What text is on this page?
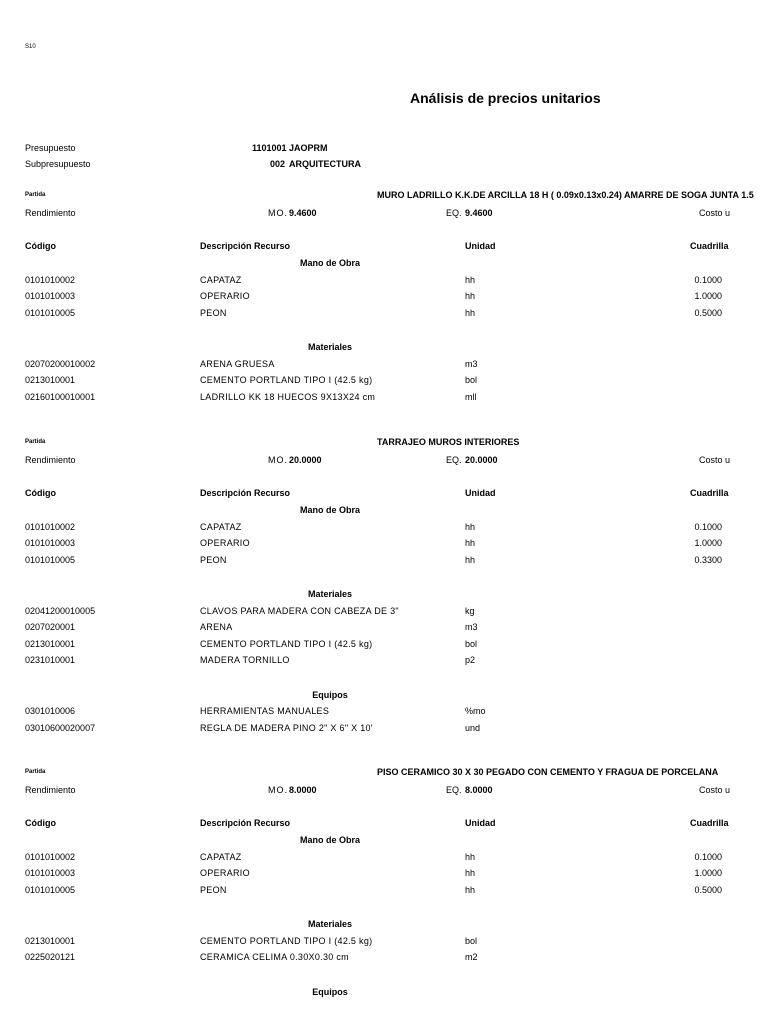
S10
Análisis de precios unitarios
Presupuesto	1101001 JAOPRM
Subpresupuesto	002 ARQUITECTURA
Partida	MURO LADRILLO K.K.DE ARCILLA 18 H ( 0.09x0.13x0.24) AMARRE DE SOGA JUNTA 1.5
Rendimiento	MO. 9.4600	EQ. 9.4600	Costo u
Código	Descripción Recurso	Unidad	Cuadrilla
Mano de Obra
0101010002	CAPATAZ	hh	0.1000
0101010003	OPERARIO	hh	1.0000
0101010005	PEON	hh	0.5000
Materiales
02070200010002	ARENA GRUESA	m3
0213010001	CEMENTO PORTLAND TIPO I (42.5 kg)	bol
02160100010001	LADRILLO KK 18 HUECOS 9X13X24 cm	mll
Partida	TARRAJEO MUROS INTERIORES
Rendimiento	MO. 20.0000	EQ. 20.0000	Costo u
Código	Descripción Recurso	Unidad	Cuadrilla
Mano de Obra
0101010002	CAPATAZ	hh	0.1000
0101010003	OPERARIO	hh	1.0000
0101010005	PEON	hh	0.3300
Materiales
02041200010005	CLAVOS PARA MADERA CON CABEZA DE 3"	kg
0207020001	ARENA	m3
0213010001	CEMENTO PORTLAND TIPO I (42.5 kg)	bol
0231010001	MADERA TORNILLO	p2
Equipos
0301010006	HERRAMIENTAS MANUALES	%mo
03010600020007	REGLA DE MADERA PINO 2" X 6" X 10'	und
Partida	PISO CERAMICO 30 X 30 PEGADO CON CEMENTO Y FRAGUA DE PORCELANA
Rendimiento	MO. 8.0000	EQ. 8.0000	Costo u
Código	Descripción Recurso	Unidad	Cuadrilla
Mano de Obra
0101010002	CAPATAZ	hh	0.1000
0101010003	OPERARIO	hh	1.0000
0101010005	PEON	hh	0.5000
Materiales
0213010001	CEMENTO PORTLAND TIPO I (42.5 kg)	bol
0225020121	CERAMICA CELIMA 0.30X0.30 cm	m2
Equipos
